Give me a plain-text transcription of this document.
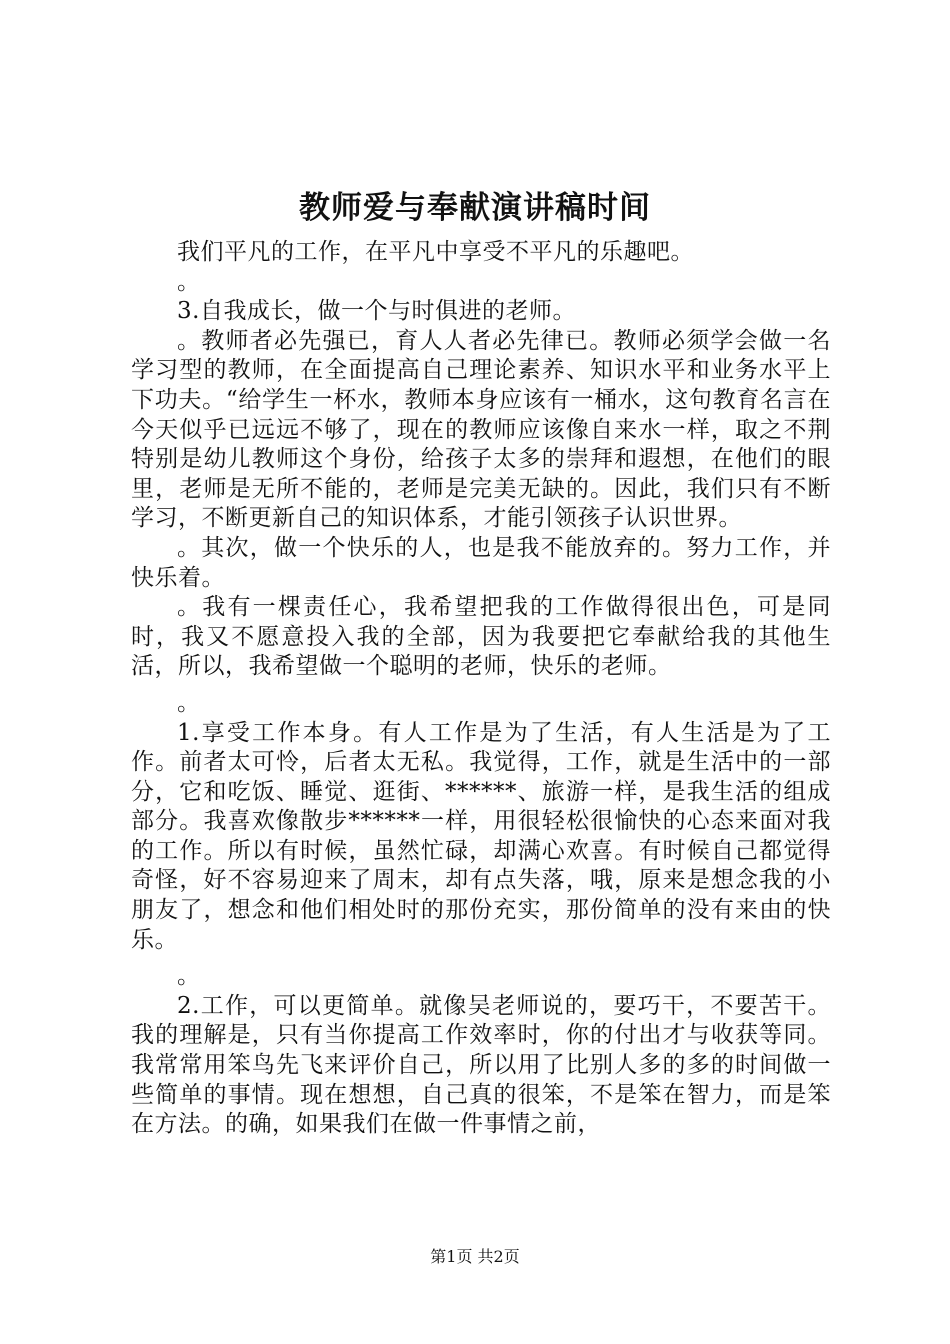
教师爱与奉献演讲稿时间

我们平凡的工作，在平凡中享受不平凡的乐趣吧。

。

3.自我成长，做一个与时俱进的老师。

。教师者必先强已，育人人者必先律已。教师必须学会做一名学习型的教师，在全面提高自己理论素养、知识水平和业务水平上下功夫。“给学生一杯水，教师本身应该有一桶水，这句教育名言在今天似乎已远远不够了，现在的教师应该像自来水一样，取之不荆特别是幼儿教师这个身份，给孩子太多的崇拜和遐想，在他们的眼里，老师是无所不能的，老师是完美无缺的。因此，我们只有不断学习，不断更新自己的知识体系，才能引领孩子认识世界。

。其次，做一个快乐的人，也是我不能放弃的。努力工作，并快乐着。

。我有一棵责任心，我希望把我的工作做得很出色，可是同时，我又不愿意投入我的全部，因为我要把它奉献给我的其他生活，所以，我希望做一个聪明的老师，快乐的老师。

。

1.享受工作本身。有人工作是为了生活，有人生活是为了工作。前者太可怜，后者太无私。我觉得，工作，就是生活中的一部分，它和吃饭、睡觉、逛街、******、旅游一样，是我生活的组成部分。我喜欢像散步******一样，用很轻松很愉快的心态来面对我的工作。所以有时候，虽然忙碌，却满心欢喜。有时候自己都觉得奇怪，好不容易迎来了周末，却有点失落，哦，原来是想念我的小朋友了，想念和他们相处时的那份充实，那份简单的没有来由的快乐。

。

2.工作，可以更简单。就像吴老师说的，要巧干，不要苦干。我的理解是，只有当你提高工作效率时，你的付出才与收获等同。我常常用笨鸟先飞来评价自己，所以用了比别人多的多的时间做一些简单的事情。现在想想，自己真的很笨，不是笨在智力，而是笨在方法。的确，如果我们在做一件事情之前，

第1页 共2页
